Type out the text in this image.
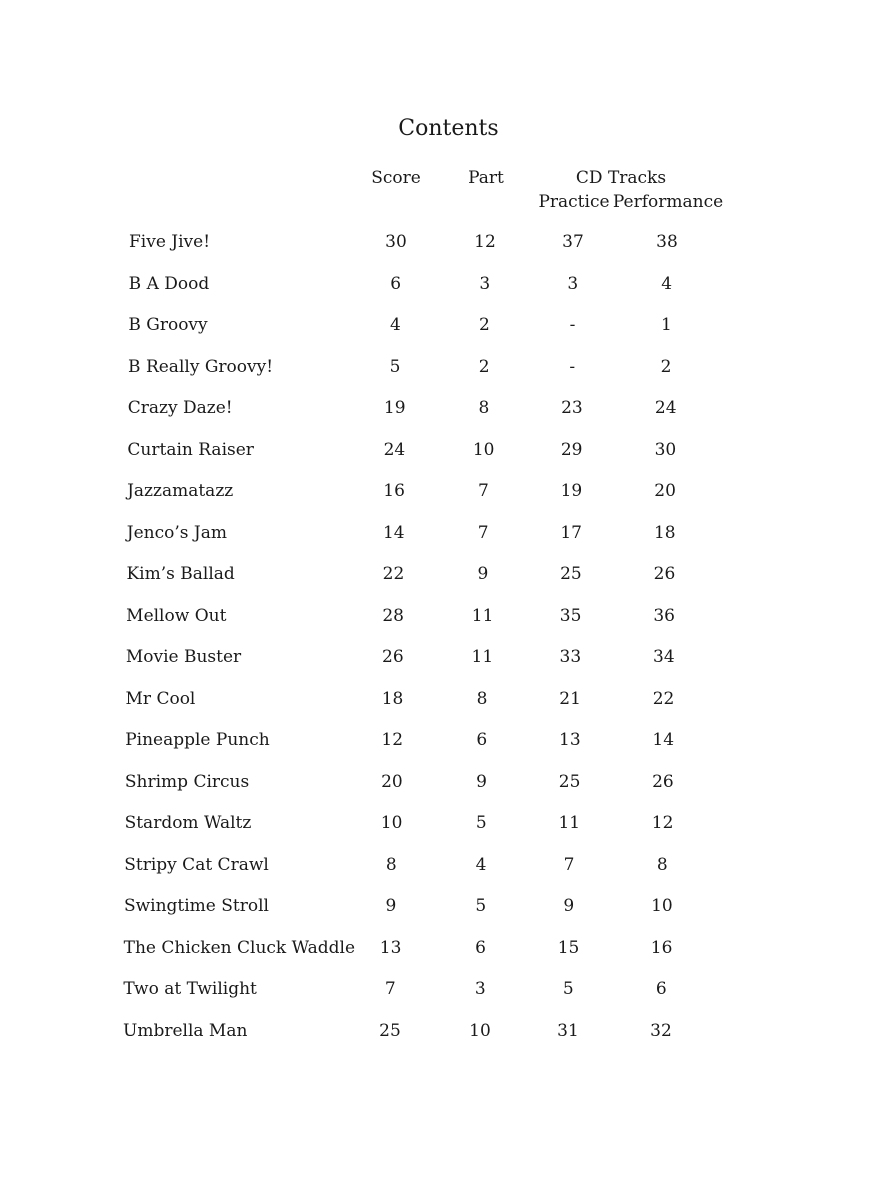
Contents
Score	Part	CD Tracks
Practice Performance
Five Jive!	30	12	37	38
B A Dood	6	3	3	4
B Groovy	4	2	-	1
B Really Groovy!	5	2	-	2
Crazy Daze!	19	8	23	24
Curtain Raiser	24	10	29	30
Jazzamatazz	16	7	19	20
Jenco’s Jam	14	7	17	18
Kim’s Ballad	22	9	25	26
Mellow Out	28	11	35	36
Movie Buster	26	11	33	34
Mr Cool	18	8	21	22
Pineapple Punch	12	6	13	14
Shrimp Circus	20	9	25	26
Stardom Waltz	10	5	11	12
Stripy Cat Crawl	8	4	7	8
Swingtime Stroll	9	5	9	10
The Chicken Cluck Waddle 13	6	15	16
Two at Twilight	7	3	5	6
Umbrella Man	25	10	31	32
